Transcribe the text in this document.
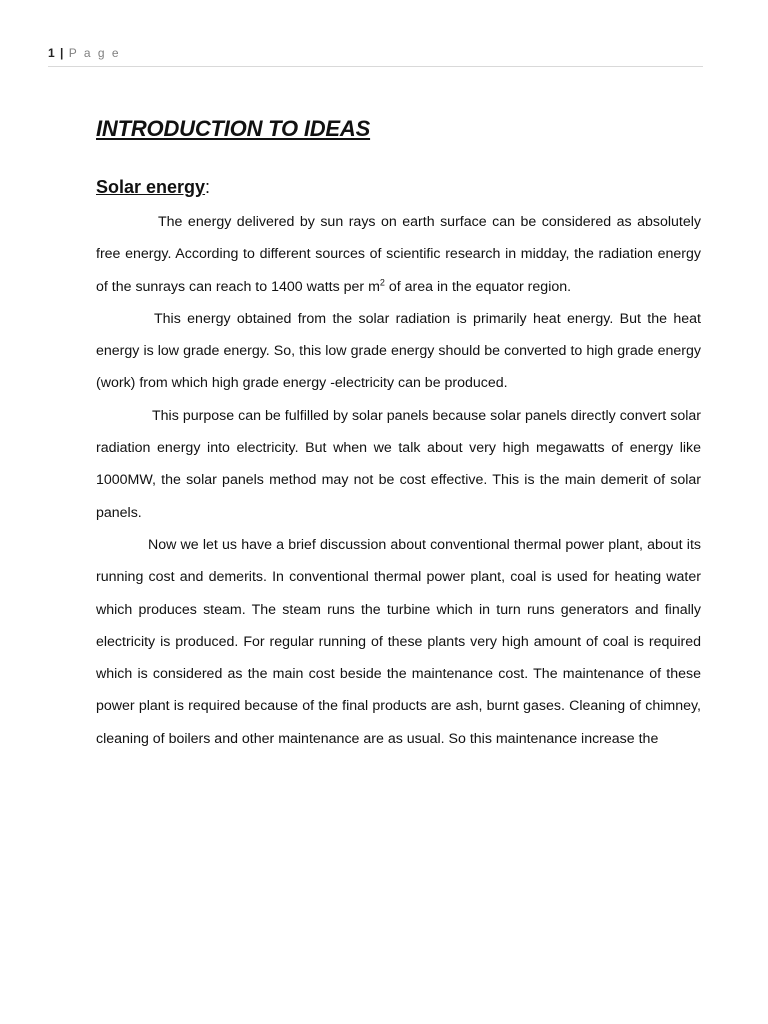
1 | P a g e
INTRODUCTION TO IDEAS
Solar energy:

The energy delivered by sun rays on earth surface can be considered as absolutely free energy. According to different sources of scientific research in midday, the radiation energy of the sunrays can reach to 1400 watts per $m^2$ of area in the equator region.

This energy obtained from the solar radiation is primarily heat energy. But the heat energy is low grade energy. So, this low grade energy should be converted to high grade energy (work) from which high grade energy -electricity can be produced.

This purpose can be fulfilled by solar panels because solar panels directly convert solar radiation energy into electricity. But when we talk about very high megawatts of energy like 1000MW, the solar panels method may not be cost effective. This is the main demerit of solar panels.

Now we let us have a brief discussion about conventional thermal power plant, about its running cost and demerits. In conventional thermal power plant, coal is used for heating water which produces steam. The steam runs the turbine which in turn runs generators and finally electricity is produced. For regular running of these plants very high amount of coal is required which is considered as the main cost beside the maintenance cost. The maintenance of these power plant is required because of the final products are ash, burnt gases. Cleaning of chimney, cleaning of boilers and other maintenance are as usual. So this maintenance increase the
